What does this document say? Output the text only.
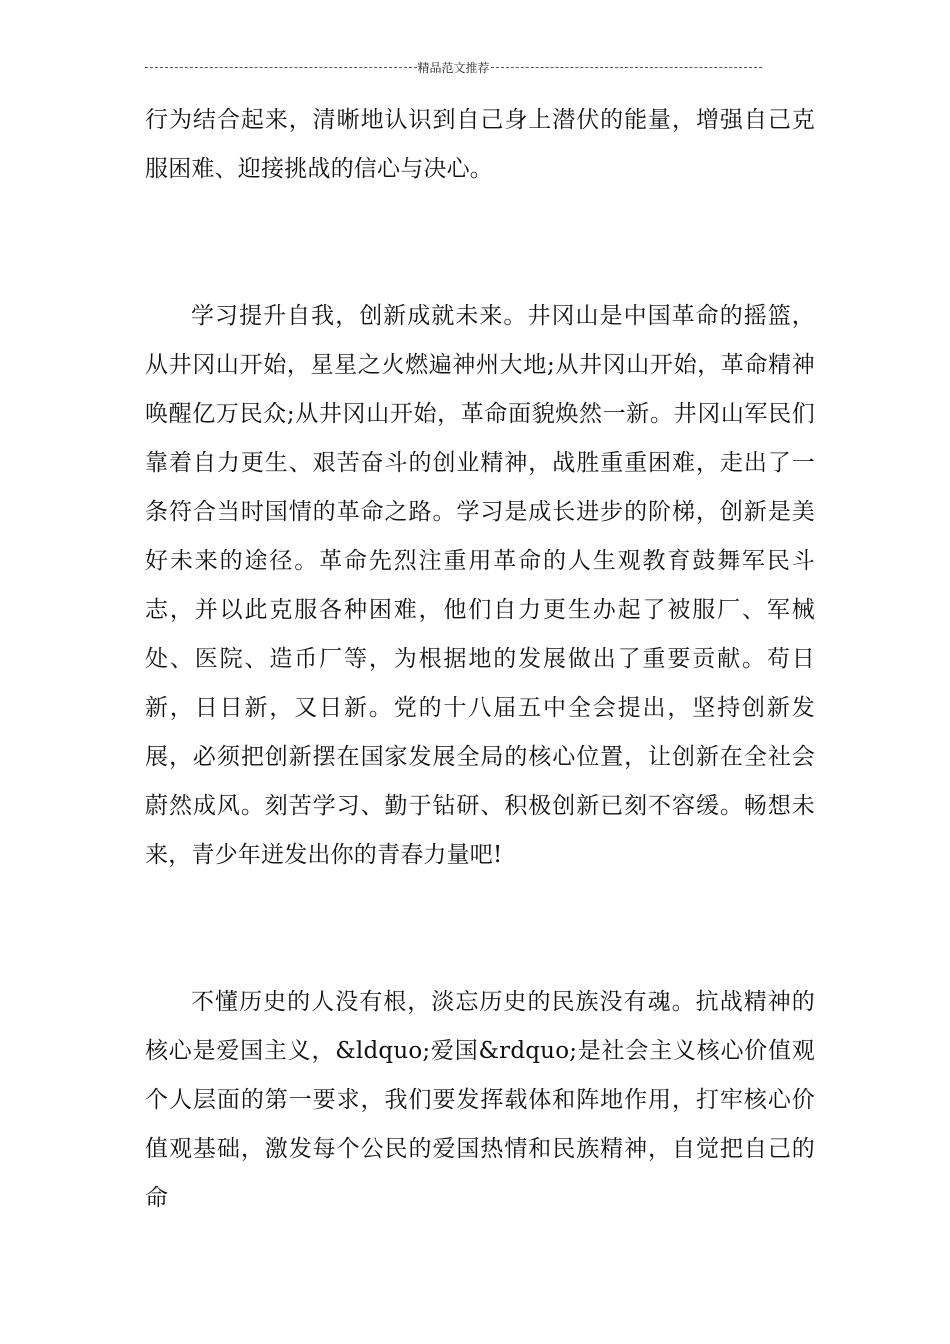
精品范文推荐

行为结合起来，清晰地认识到自己身上潜伏的能量，增强自己克服困难、迎接挑战的信心与决心。

学习提升自我，创新成就未来。井冈山是中国革命的摇篮，从井冈山开始，星星之火燃遍神州大地;从井冈山开始，革命精神唤醒亿万民众;从井冈山开始，革命面貌焕然一新。井冈山军民们靠着自力更生、艰苦奋斗的创业精神，战胜重重困难，走出了一条符合当时国情的革命之路。学习是成长进步的阶梯，创新是美好未来的途径。革命先烈注重用革命的人生观教育鼓舞军民斗志，并以此克服各种困难，他们自力更生办起了被服厂、军械处、医院、造币厂等，为根据地的发展做出了重要贡献。苟日新，日日新，又日新。党的十八届五中全会提出，坚持创新发展，必须把创新摆在国家发展全局的核心位置，让创新在全社会蔚然成风。刻苦学习、勤于钻研、积极创新已刻不容缓。畅想未来，青少年迸发出你的青春力量吧!

不懂历史的人没有根，淡忘历史的民族没有魂。抗战精神的核心是爱国主义，&ldquo;爱国&rdquo;是社会主义核心价值观个人层面的第一要求，我们要发挥载体和阵地作用，打牢核心价值观基础，激发每个公民的爱国热情和民族精神，自觉把自己的命
